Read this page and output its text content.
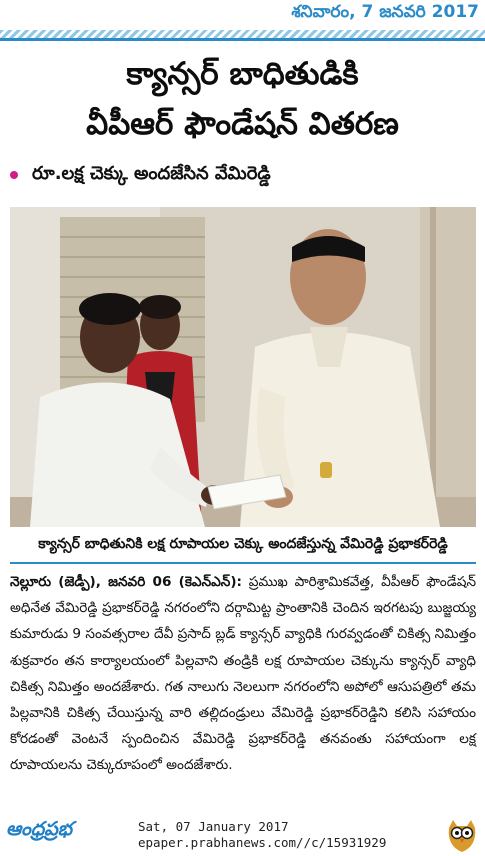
శనివారం, 7 జనవరి 2017
క్యాన్సర్ బాధితుడికి
వీపీఆర్ ఫౌండేషన్ వితరణ
రూ.లక్ష చెక్కు అందజేసిన వేమిరెడ్డి
క్యాన్సర్ బాధితునికి లక్ష రూపాయల చెక్కు అందజేస్తున్న వేమిరెడ్డి ప్రభాకర్‌రెడ్డి
నెల్లూరు (జెడ్పీ), జనవరి 06 (కెఎన్ఎన్): ప్రముఖ పారిశ్రామికవేత్త, వీపీఆర్ ఫౌండేషన్ అధినేత వేమిరెడ్డి ప్రభాకర్‌రెడ్డి నగరంలోని దర్గామిట్ట ప్రాంతానికి చెందిన ఇరగటపు బుజ్జయ్య కుమారుడు 9 సంవత్సరాల దేవీ ప్రసాద్ బ్లడ్ క్యాన్సర్ వ్యాధికి గురవ్వడంతో చికిత్స నిమిత్తం శుక్రవారం తన కార్యాలయంలో పిల్లవాని తండ్రికి లక్ష రూపాయల చెక్కును క్యాన్సర్ వ్యాధి చికిత్స నిమిత్తం అందజేశారు. గత నాలుగు నెలలుగా నగరంలోని అపోలో ఆసుపత్రిలో తమ పిల్లవానికి చికిత్స చేయిస్తున్న వారి తల్లిదండ్రులు వేమిరెడ్డి ప్రభాకర్‌రెడ్డిని కలిసి సహాయం కోరడంతో వెంటనే స్పందించిన వేమిరెడ్డి ప్రభాకర్‌రెడ్డి తనవంతు సహాయంగా లక్ష రూపాయలను చెక్కురూపంలో అందజేశారు.
ఆంధ్రప్రభ	Sat, 07 January 2017
epaper.prabhanews.com//c/15931929
